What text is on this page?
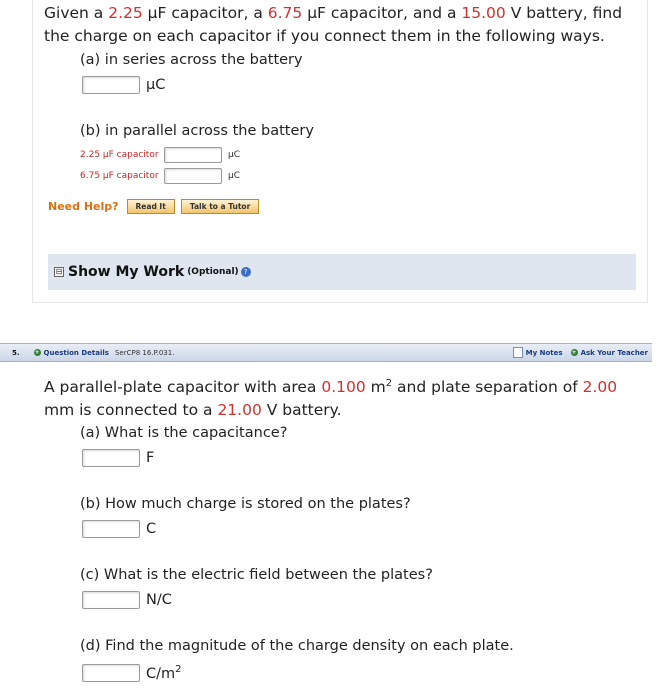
Given a 2.25 μF capacitor, a 6.75 μF capacitor, and a 15.00 V battery, find the charge on each capacitor if you connect them in the following ways.
(a) in series across the battery
μC
(b) in parallel across the battery
2.25 μF capacitor	μC
6.75 μF capacitor	μC
Need Help?	Read It	Talk to a Tutor
⊟ Show My Work (Optional) ?
5. + Question Details SerCP8 16.P.031.	My Notes + Ask Your Teacher
A parallel-plate capacitor with area 0.100 $m^2$ and plate separation of 2.00 mm is connected to a 21.00 V battery.
(a) What is the capacitance?
F
(b) How much charge is stored on the plates?
C
(c) What is the electric field between the plates?
N/C
(d) Find the magnitude of the charge density on each plate.
$C/m^2$
